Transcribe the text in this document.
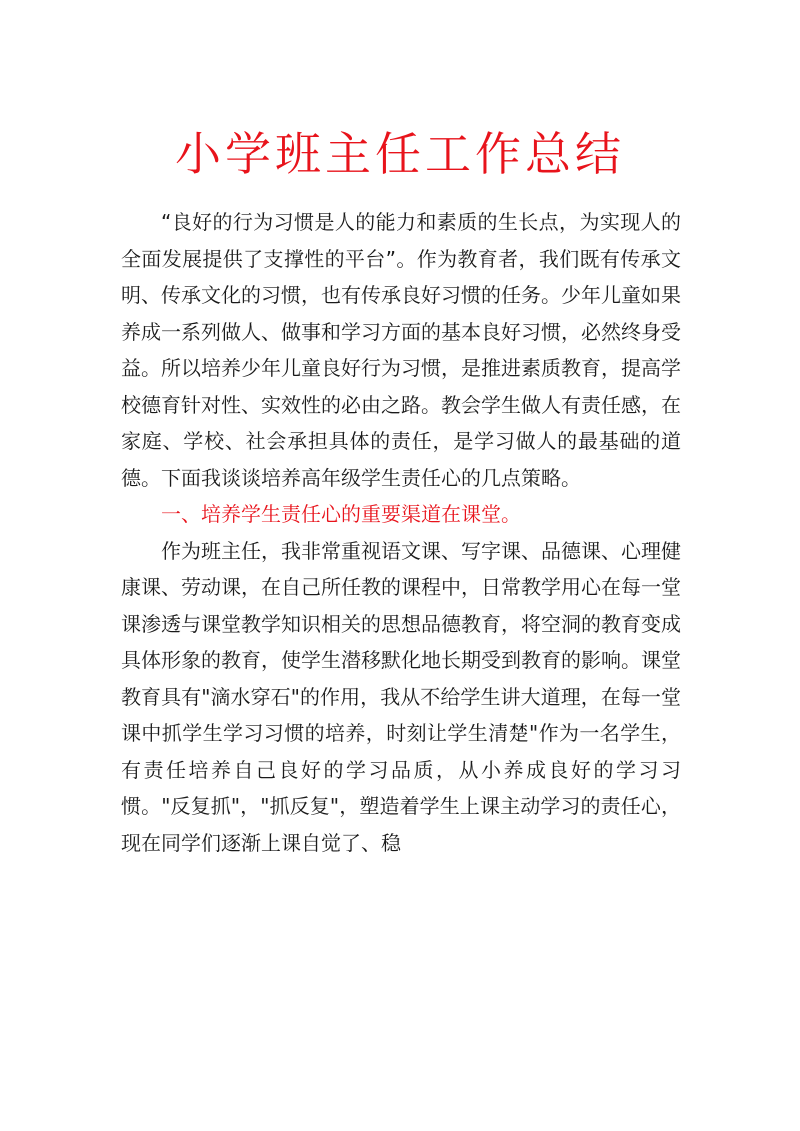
小学班主任工作总结

“良好的行为习惯是人的能力和素质的生长点，为实现人的全面发展提供了支撑性的平台”。作为教育者，我们既有传承文明、传承文化的习惯，也有传承良好习惯的任务。少年儿童如果养成一系列做人、做事和学习方面的基本良好习惯，必然终身受益。所以培养少年儿童良好行为习惯，是推进素质教育，提高学校德育针对性、实效性的必由之路。教会学生做人有责任感，在家庭、学校、社会承担具体的责任，是学习做人的最基础的道德。下面我谈谈培养高年级学生责任心的几点策略。

一、培养学生责任心的重要渠道在课堂。

作为班主任，我非常重视语文课、写字课、品德课、心理健康课、劳动课，在自己所任教的课程中，日常教学用心在每一堂课渗透与课堂教学知识相关的思想品德教育，将空洞的教育变成具体形象的教育，使学生潜移默化地长期受到教育的影响。课堂教育具有"滴水穿石"的作用，我从不给学生讲大道理，在每一堂课中抓学生学习习惯的培养，时刻让学生清楚"作为一名学生，有责任培养自己良好的学习品质，从小养成良好的学习习惯。"反复抓"，"抓反复"，塑造着学生上课主动学习的责任心，现在同学们逐渐上课自觉了、稳
